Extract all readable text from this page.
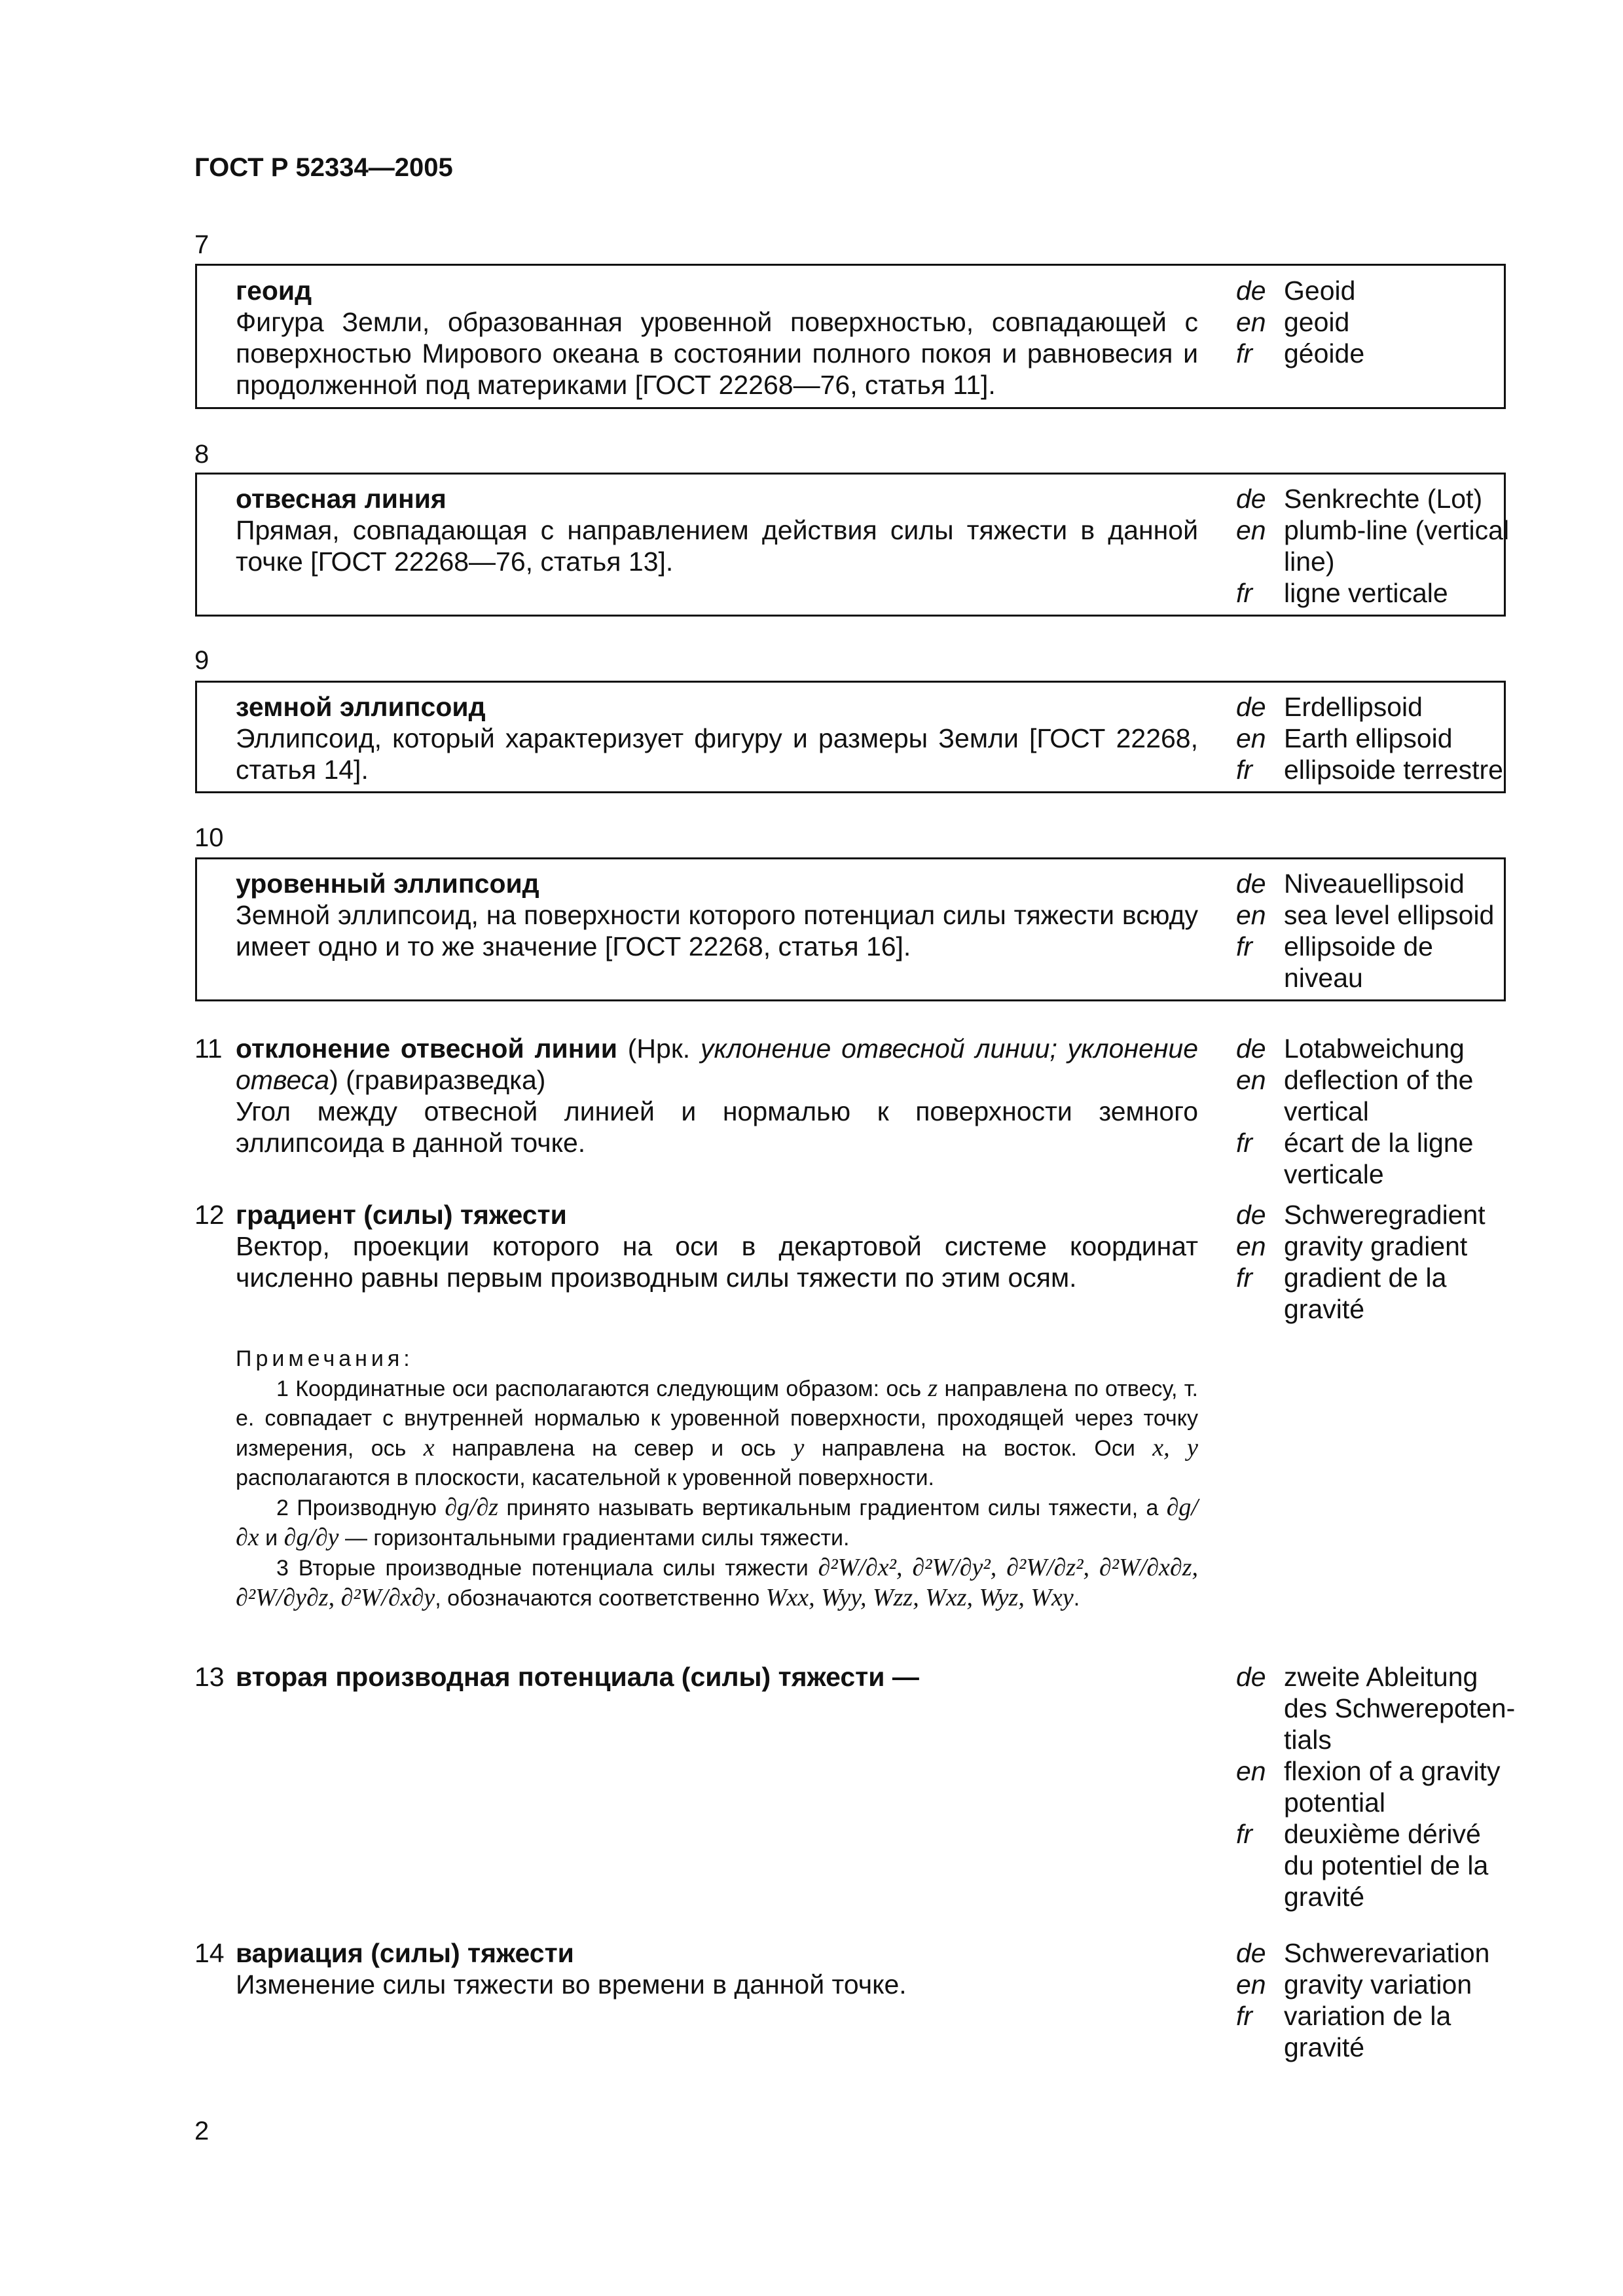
ГОСТ Р 52334—2005
7
геоид
Фигура Земли, образованная уровенной поверхностью, совпадающей с поверхностью Мирового океана в состоянии полного покоя и равновесия и продолженной под материками [ГОСТ 22268—76, статья 11].
de Geoid
en geoid
fr	géoide
8
отвесная линия
Прямая, совпадающая с направлением действия силы тяжести в данной точке [ГОСТ 22268—76, статья 13].
de Senkrechte (Lot)
en plumb-line (vertical line)
fr	ligne verticale
9
земной эллипсоид
Эллипсоид, который характеризует фигуру и размеры Земли [ГОСТ 22268, статья 14].
de Erdellipsoid
en Earth ellipsoid
fr	ellipsoide terrestre
10
уровенный эллипсоид
Земной эллипсоид, на поверхности которого потенциал силы тяжести всюду имеет одно и то же значение [ГОСТ 22268, статья 16].
de Niveauellipsoid
en sea level ellipsoid
fr	ellipsoide de niveau
11 отклонение отвесной линии (Нрк. уклонение отвесной линии; уклонение отвеса) (гравиразведка)
Угол между отвесной линией и нормалью к поверхности земного эллипсоида в данной точке.
de Lotabweichung
en deflection of the vertical
fr	écart de la ligne verticale
12 градиент (силы) тяжести
Вектор, проекции которого на оси в декартовой системе координат численно равны первым производным силы тяжести по этим осям.
de Schweregradient
en gravity gradient
fr	gradient de la gravité
Примечания:

1 Координатные оси располагаются следующим образом: ось z направлена по отвесу, т. е. совпадает с внутренней нормалью к уровенной поверхности, проходящей через точку измерения, ось x направлена на север и ось y направлена на восток. Оси x, y располагаются в плоскости, касательной к уровенной поверхности.

2 Производную ∂g/∂z принято называть вертикальным градиентом силы тяжести, а ∂g/∂x и ∂g/∂y — горизонтальными градиентами силы тяжести.

3 Вторые производные потенциала силы тяжести ∂²W/∂x², ∂²W/∂y², ∂²W/∂z², ∂²W/∂x∂z, ∂²W/∂y∂z, ∂²W/∂x∂y, обозначаются соответственно Wxx, Wyy, Wzz, Wxz, Wyz, Wxy.

13 вторая производная потенциала (силы) тяжести —	de zweite Ableitung des Schwerepoten-tials
en flexion of a gravity potential
fr	deuxième dérivé du potentiel de la gravité
14 вариация (силы) тяжести
Изменение силы тяжести во времени в данной точке.
de Schwerevariation
en gravity variation
fr	variation de la gravité
2
